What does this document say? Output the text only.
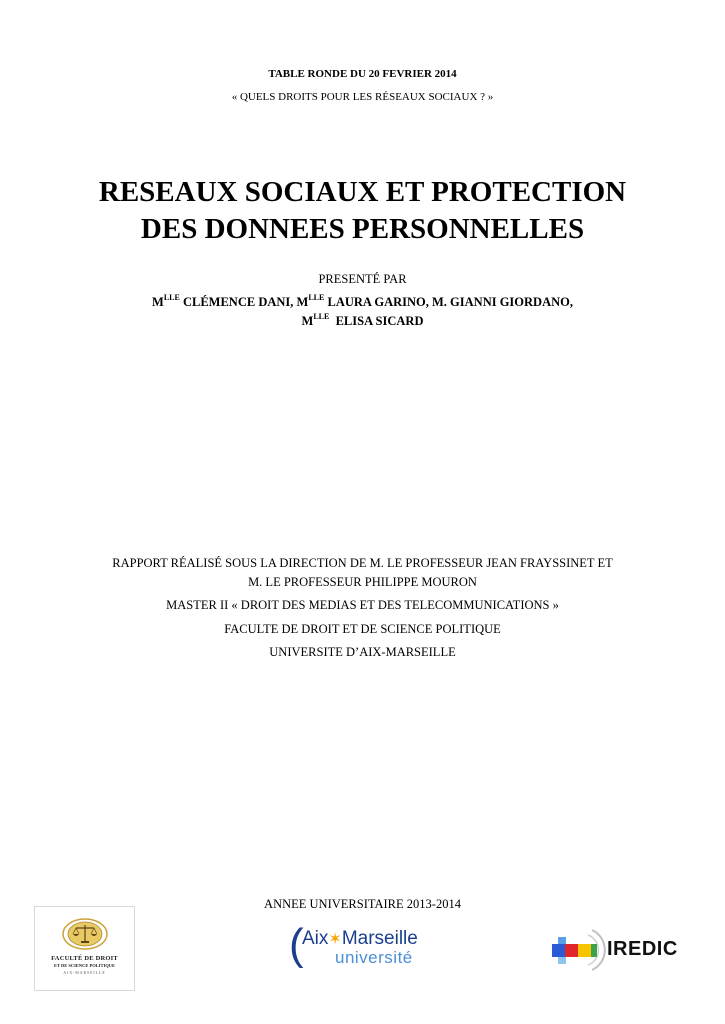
TABLE RONDE DU 20 FEVRIER 2014
« QUELS DROITS POUR LES RÉSEAUX SOCIAUX ? »
RESEAUX SOCIAUX ET PROTECTION
DES DONNEES PERSONNELLES
PRESENTÉ PAR
$M^{LLE}$ CLÉMENCE DANI, $M^{LLE}$ LAURA GARINO, M. GIANNI GIORDANO,
$M^{LLE}$ ELISA SICARD

RAPPORT RÉALISÉ SOUS LA DIRECTION DE M. LE PROFESSEUR JEAN FRAYSSINET ET
M. LE PROFESSEUR PHILIPPE MOURON

MASTER II « DROIT DES MEDIAS ET DES TELECOMMUNICATIONS »

FACULTE DE DROIT ET DE SCIENCE POLITIQUE

UNIVERSITE D’AIX-MARSEILLE

ANNEE UNIVERSITAIRE 2013-2014
FACULTÉ DE DROIT
ET DE SCIENCE POLITIQUE
AIX-MARSEILLE
(
Aix✶Marseille
université	IREDIC
